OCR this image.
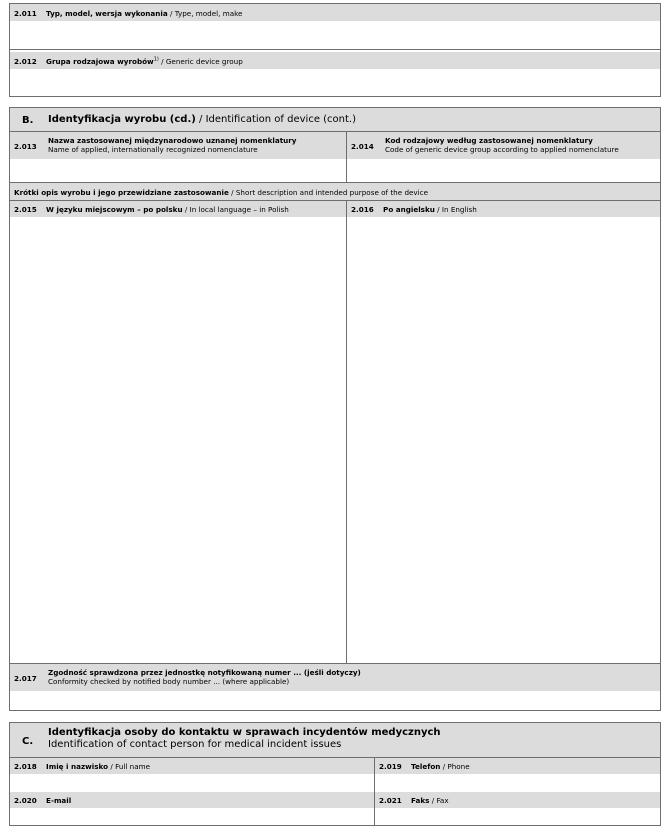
2.011 Typ, model, wersja wykonania / Type, model, make
2.012 Grupa rodzajowa wyrobów$^{1)}$ / Generic device group
B. Identyfikacja wyrobu (cd.) / Identification of device (cont.)
2.013
Nazwa zastosowanej międzynarodowo uznanej nomenklatury
Name of applied, internationally recognized nomenclature	2.014
Kod rodzajowy według zastosowanej nomenklatury
Code of generic device group according to applied nomenclature
Krótki opis wyrobu i jego przewidziane zastosowanie / Short description and intended purpose of the device
2.015 W języku miejscowym – po polsku / In local language – in Polish	2.016 Po angielsku / In English
2.017
Zgodność sprawdzona przez jednostkę notyfikowaną numer ... (jeśli dotyczy)
Conformity checked by notified body number ... (where applicable)
C.
Identyfikacja osoby do kontaktu w sprawach incydentów medycznych
Identification of contact person for medical incident issues
2.018 Imię i nazwisko / Full name	2.019 Telefon / Phone
2.020 E-mail	2.021 Faks / Fax
